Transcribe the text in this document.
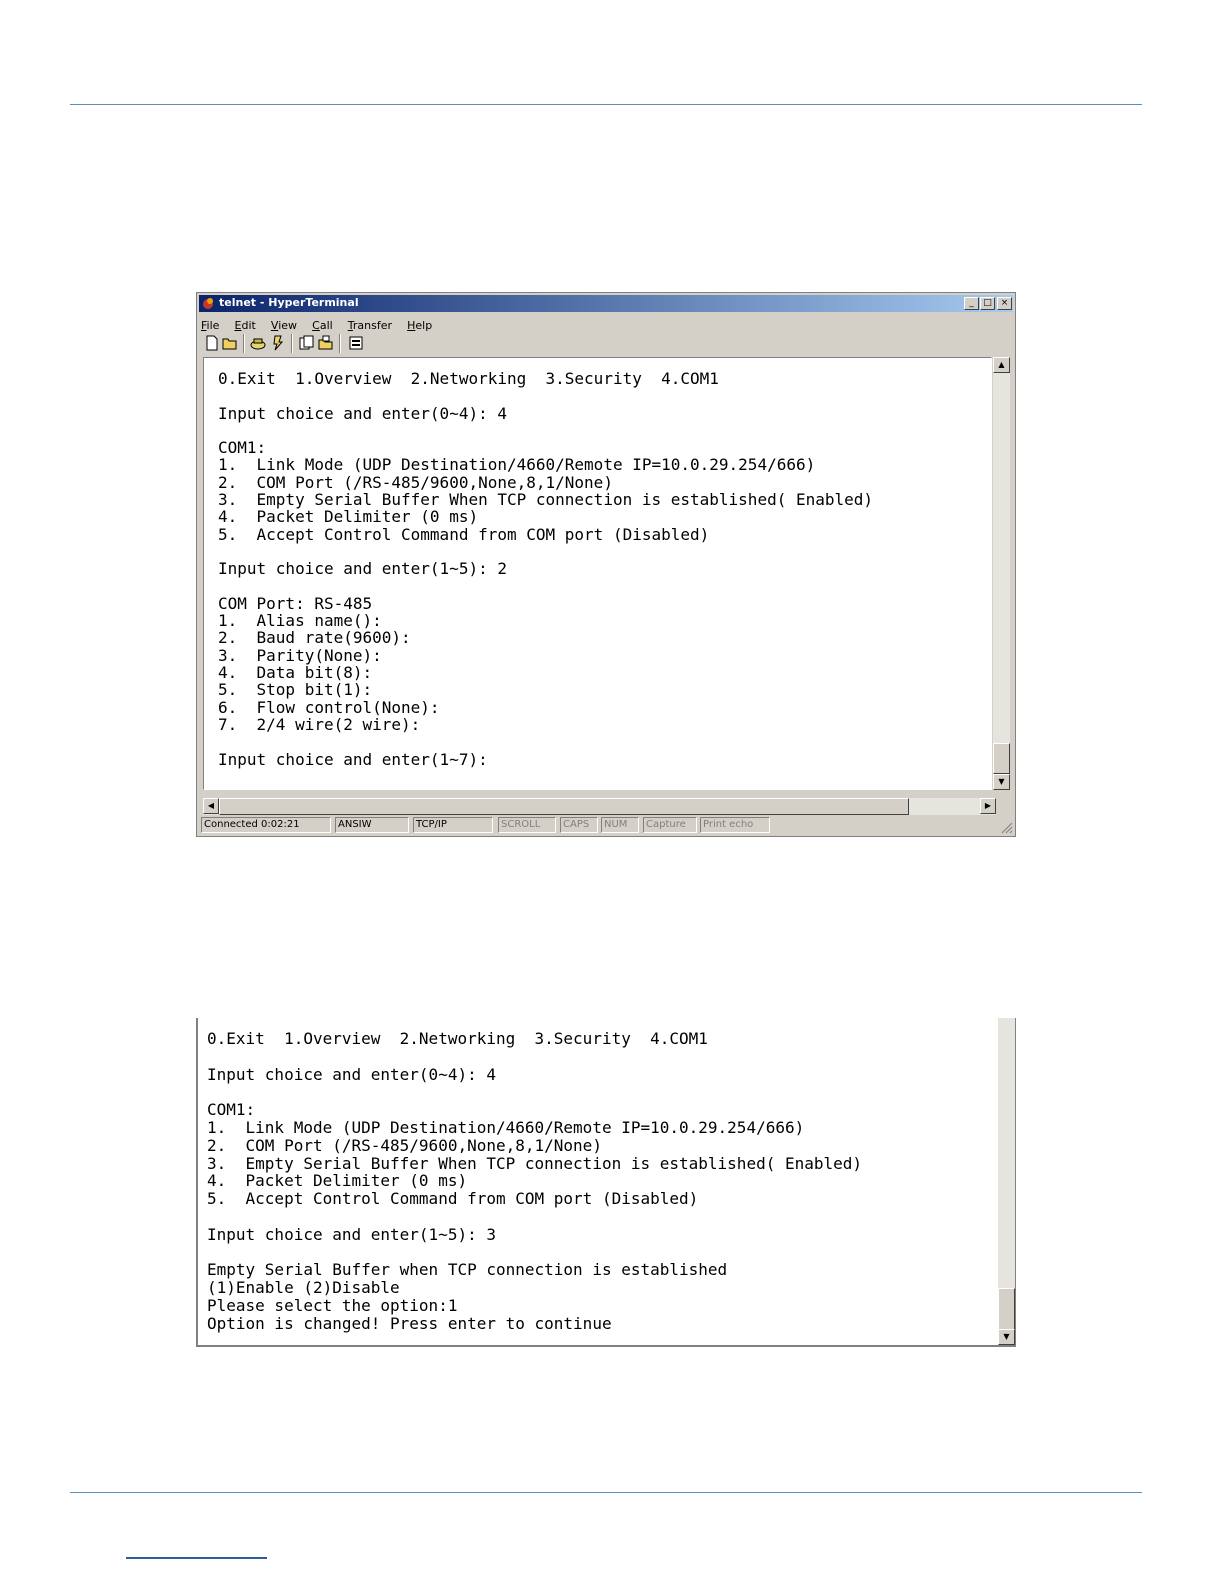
telnet - HyperTerminal	_	□ ×
File Edit View Call Transfer Help
0.Exit  1.Overview  2.Networking  3.Security  4.COM1

Input choice and enter(0~4): 4

COM1:
1.  Link Mode (UDP Destination/4660/Remote IP=10.0.29.254/666)
2.  COM Port (/RS-485/9600,None,8,1/None)
3.  Empty Serial Buffer When TCP connection is established( Enabled)
4.  Packet Delimiter (0 ms)
5.  Accept Control Command from COM port (Disabled)

Input choice and enter(1~5): 2

COM Port: RS-485
1.  Alias name():
2.  Baud rate(9600):
3.  Parity(None):
4.  Data bit(8):
5.  Stop bit(1):
6.  Flow control(None):
7.  2/4 wire(2 wire):

Input choice and enter(1~7):
▲
▼
◀	▶
Connected 0:02:21	ANSIW	TCP/IP	SCROLL	CAPS	NUM	Capture	Print echo
0.Exit  1.Overview  2.Networking  3.Security  4.COM1

Input choice and enter(0~4): 4

COM1:
1.  Link Mode (UDP Destination/4660/Remote IP=10.0.29.254/666)
2.  COM Port (/RS-485/9600,None,8,1/None)
3.  Empty Serial Buffer When TCP connection is established( Enabled)
4.  Packet Delimiter (0 ms)
5.  Accept Control Command from COM port (Disabled)

Input choice and enter(1~5): 3

Empty Serial Buffer when TCP connection is established
(1)Enable (2)Disable
Please select the option:1
Option is changed! Press enter to continue
▼
